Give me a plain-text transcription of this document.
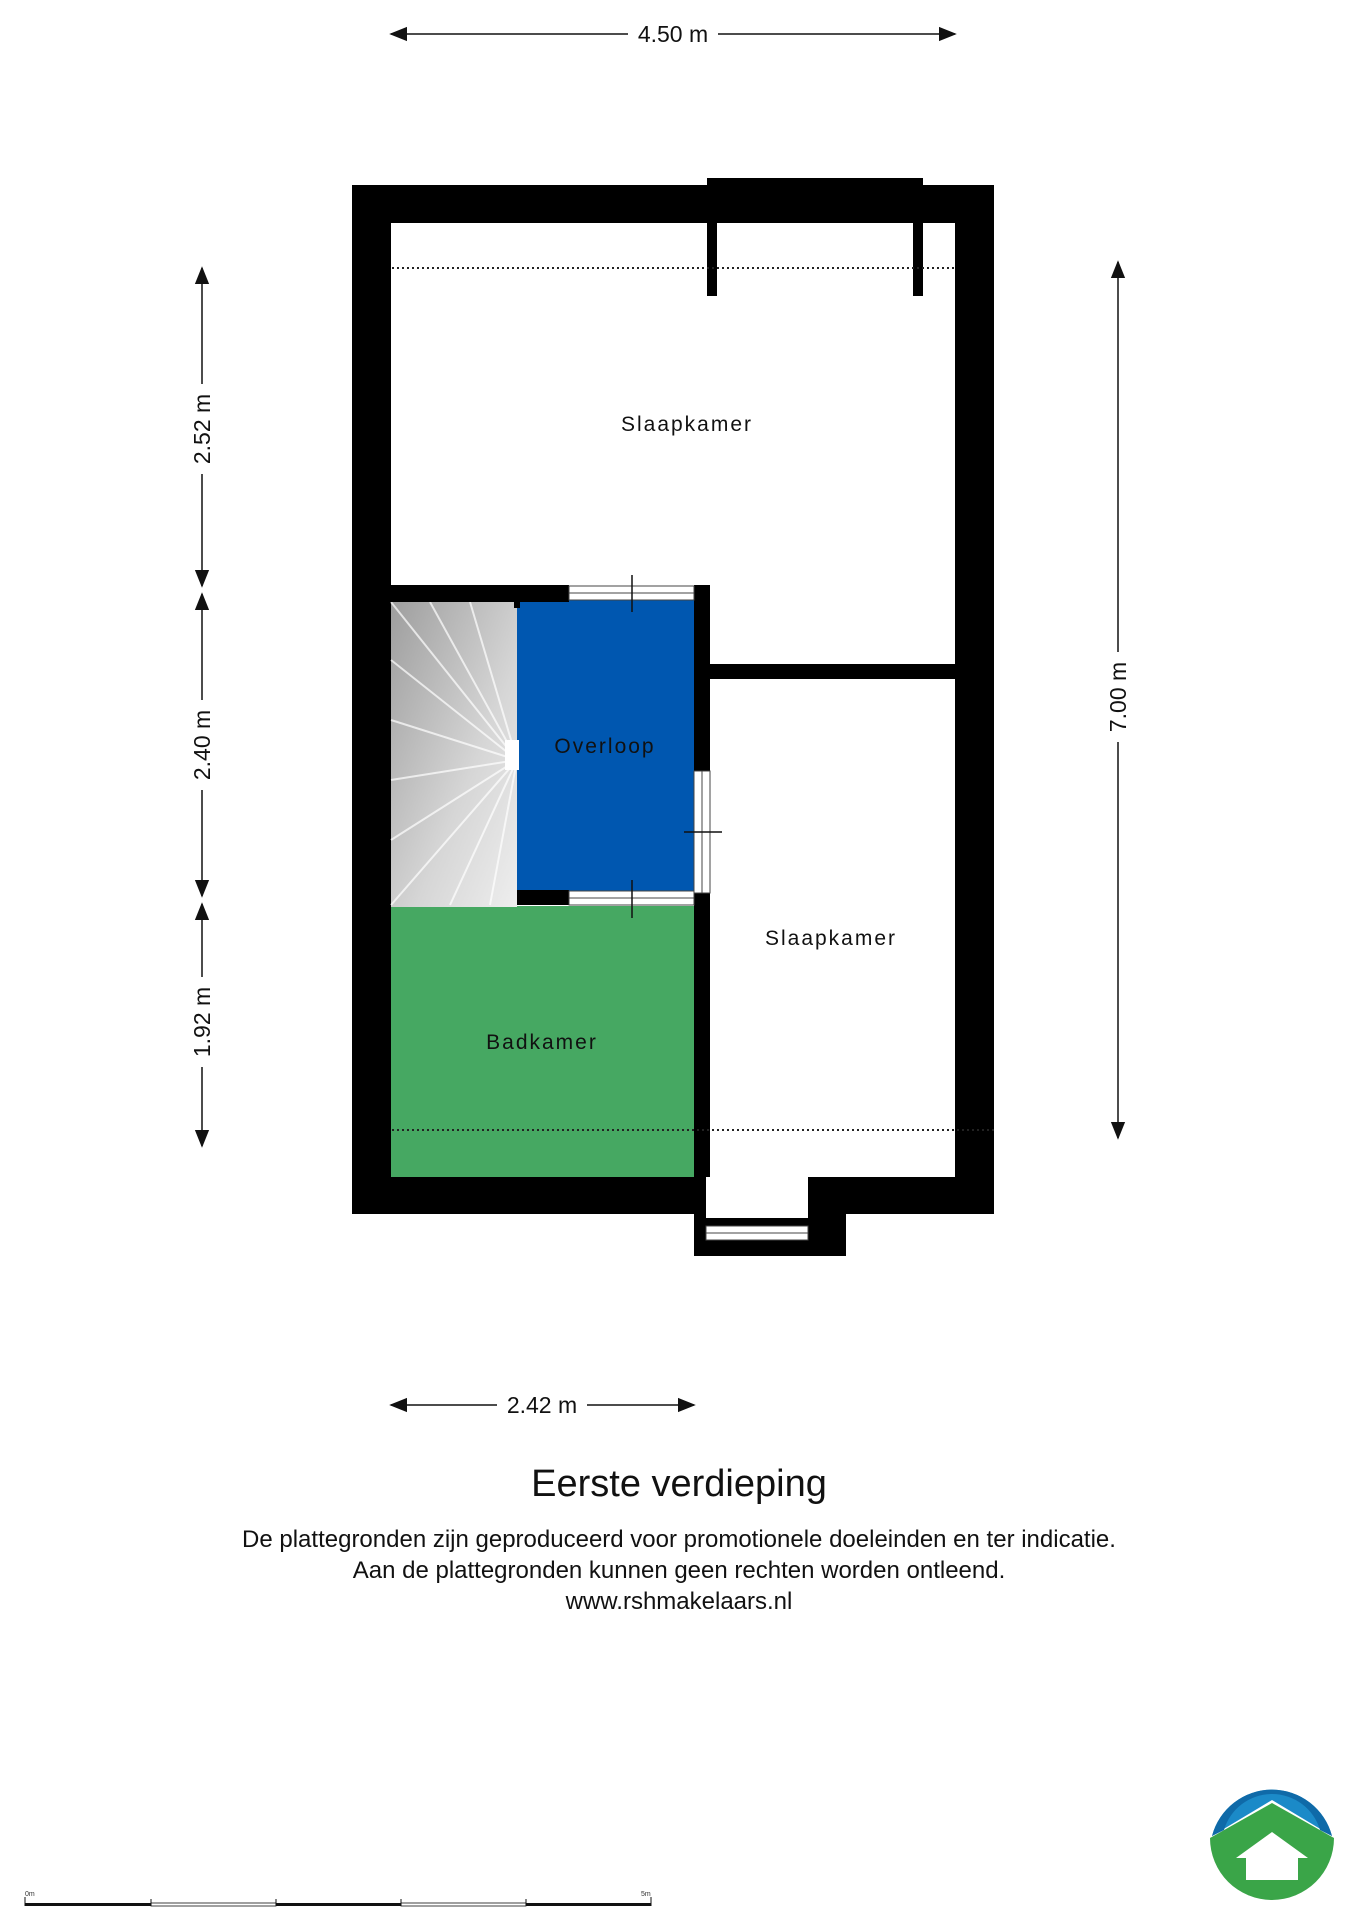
Slaapkamer
Overloop
Slaapkamer
Badkamer
4.50 m
2.42 m
2.52 m
2.40 m
1.92 m
7.00 m
0m	5m
Eerste verdieping
De plattegronden zijn geproduceerd voor promotionele doeleinden en ter indicatie.
Aan de plattegronden kunnen geen rechten worden ontleend.
www.rshmakelaars.nl
